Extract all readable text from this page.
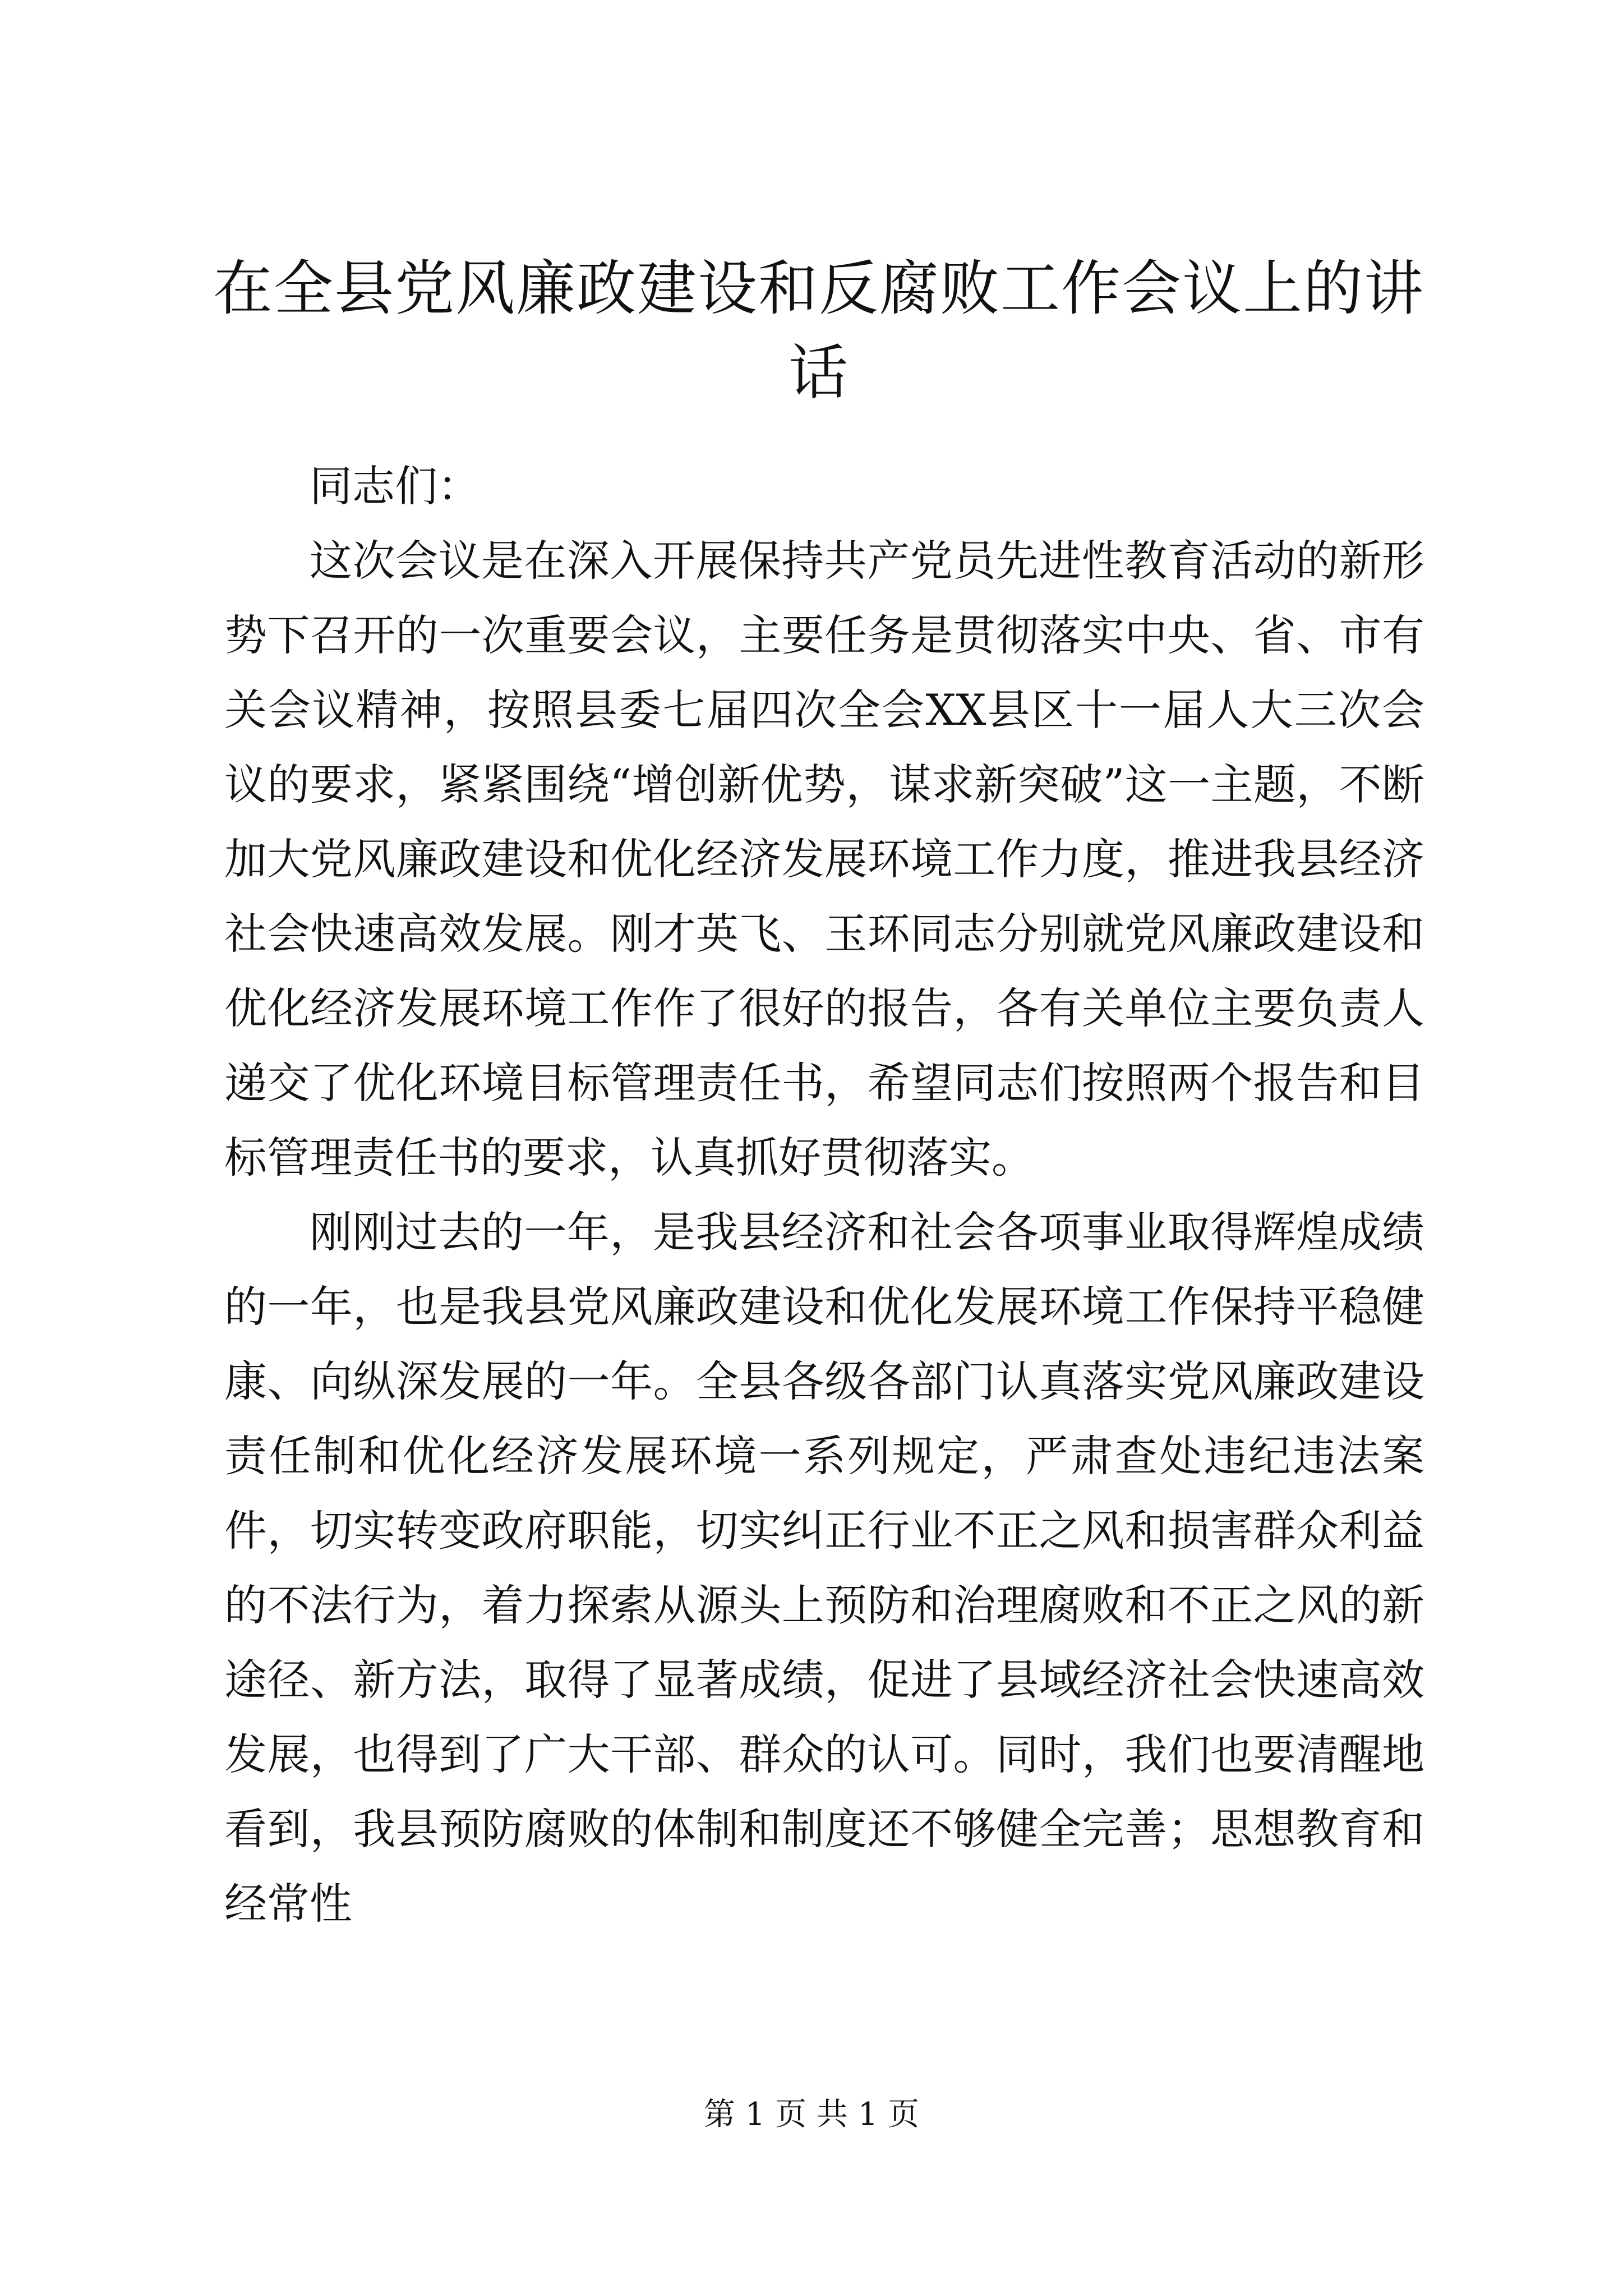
在全县党风廉政建设和反腐败工作会议上的讲话

同志们：

这次会议是在深入开展保持共产党员先进性教育活动的新形势下召开的一次重要会议，主要任务是贯彻落实中央、省、市有关会议精神，按照县委七届四次全会XX县区十一届人大三次会议的要求，紧紧围绕“增创新优势，谋求新突破”这一主题，不断加大党风廉政建设和优化经济发展环境工作力度，推进我县经济社会快速高效发展。刚才英飞、玉环同志分别就党风廉政建设和优化经济发展环境工作作了很好的报告，各有关单位主要负责人递交了优化环境目标管理责任书，希望同志们按照两个报告和目标管理责任书的要求，认真抓好贯彻落实。

刚刚过去的一年，是我县经济和社会各项事业取得辉煌成绩的一年，也是我县党风廉政建设和优化发展环境工作保持平稳健康、向纵深发展的一年。全县各级各部门认真落实党风廉政建设责任制和优化经济发展环境一系列规定，严肃查处违纪违法案件，切实转变政府职能，切实纠正行业不正之风和损害群众利益的不法行为，着力探索从源头上预防和治理腐败和不正之风的新途径、新方法，取得了显著成绩，促进了县域经济社会快速高效发展，也得到了广大干部、群众的认可。同时，我们也要清醒地看到，我县预防腐败的体制和制度还不够健全完善；思想教育和经常性

第 1 页 共 1 页
